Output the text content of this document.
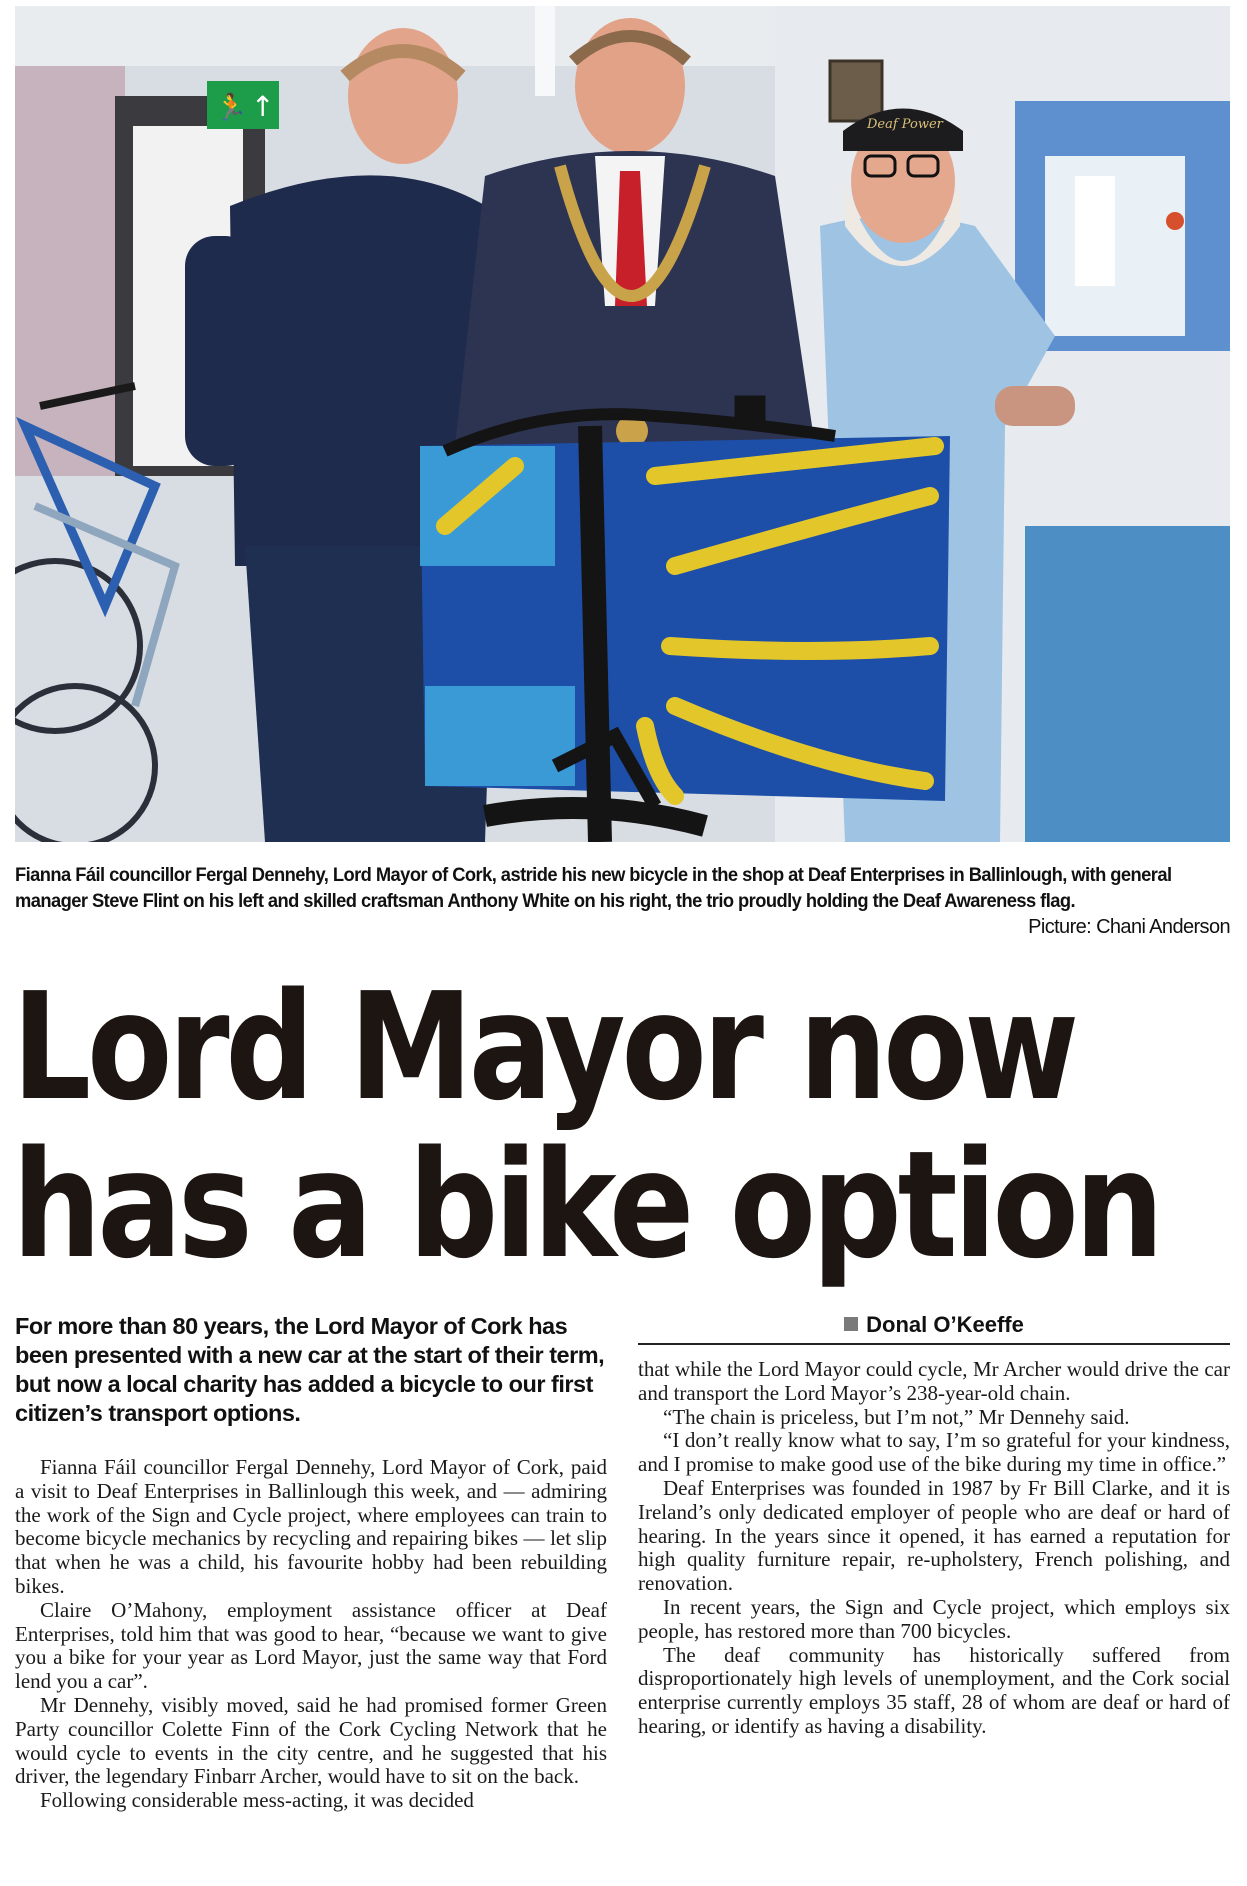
🏃 ↑
Deaf Power
Fianna Fáil councillor Fergal Dennehy, Lord Mayor of Cork, astride his new bicycle in the shop at Deaf Enterprises in Ballinlough, with general manager Steve Flint on his left and skilled craftsman Anthony White on his right, the trio proudly holding the Deaf Awareness flag.
Picture: Chani Anderson
Lord Mayor now
has a bike option

For more than 80 years, the Lord Mayor of Cork has been presented with a new car at the start of their term, but now a local charity has added a bicycle to our first citizen’s transport options.

Donal O’Keeffe

Fianna Fáil councillor Fergal Dennehy, Lord Mayor of Cork, paid a visit to Deaf Enterprises in Ballinlough this week, and — admiring the work of the Sign and Cycle project, where employees can train to become bicycle mechanics by recycling and repairing bikes — let slip that when he was a child, his favourite hobby had been rebuilding bikes.

Claire O’Mahony, employment assistance officer at Deaf Enterprises, told him that was good to hear, “because we want to give you a bike for your year as Lord Mayor, just the same way that Ford lend you a car”.

Mr Dennehy, visibly moved, said he had promised former Green Party councillor Colette Finn of the Cork Cycling Network that he would cycle to events in the city centre, and he suggested that his driver, the legendary Finbarr Archer, would have to sit on the back.

Following considerable mess-acting, it was decided

that while the Lord Mayor could cycle, Mr Archer would drive the car and transport the Lord Mayor’s 238-year-old chain.

“The chain is priceless, but I’m not,” Mr Dennehy said.

“I don’t really know what to say, I’m so grateful for your kindness, and I promise to make good use of the bike during my time in office.”

Deaf Enterprises was founded in 1987 by Fr Bill Clarke, and it is Ireland’s only dedicated employer of people who are deaf or hard of hearing. In the years since it opened, it has earned a reputation for high quality furniture repair, re-upholstery, French polishing, and renovation.

In recent years, the Sign and Cycle project, which employs six people, has restored more than 700 bicycles.

The deaf community has historically suffered from disproportionately high levels of unemployment, and the Cork social enterprise currently employs 35 staff, 28 of whom are deaf or hard of hearing, or identify as having a disability.
